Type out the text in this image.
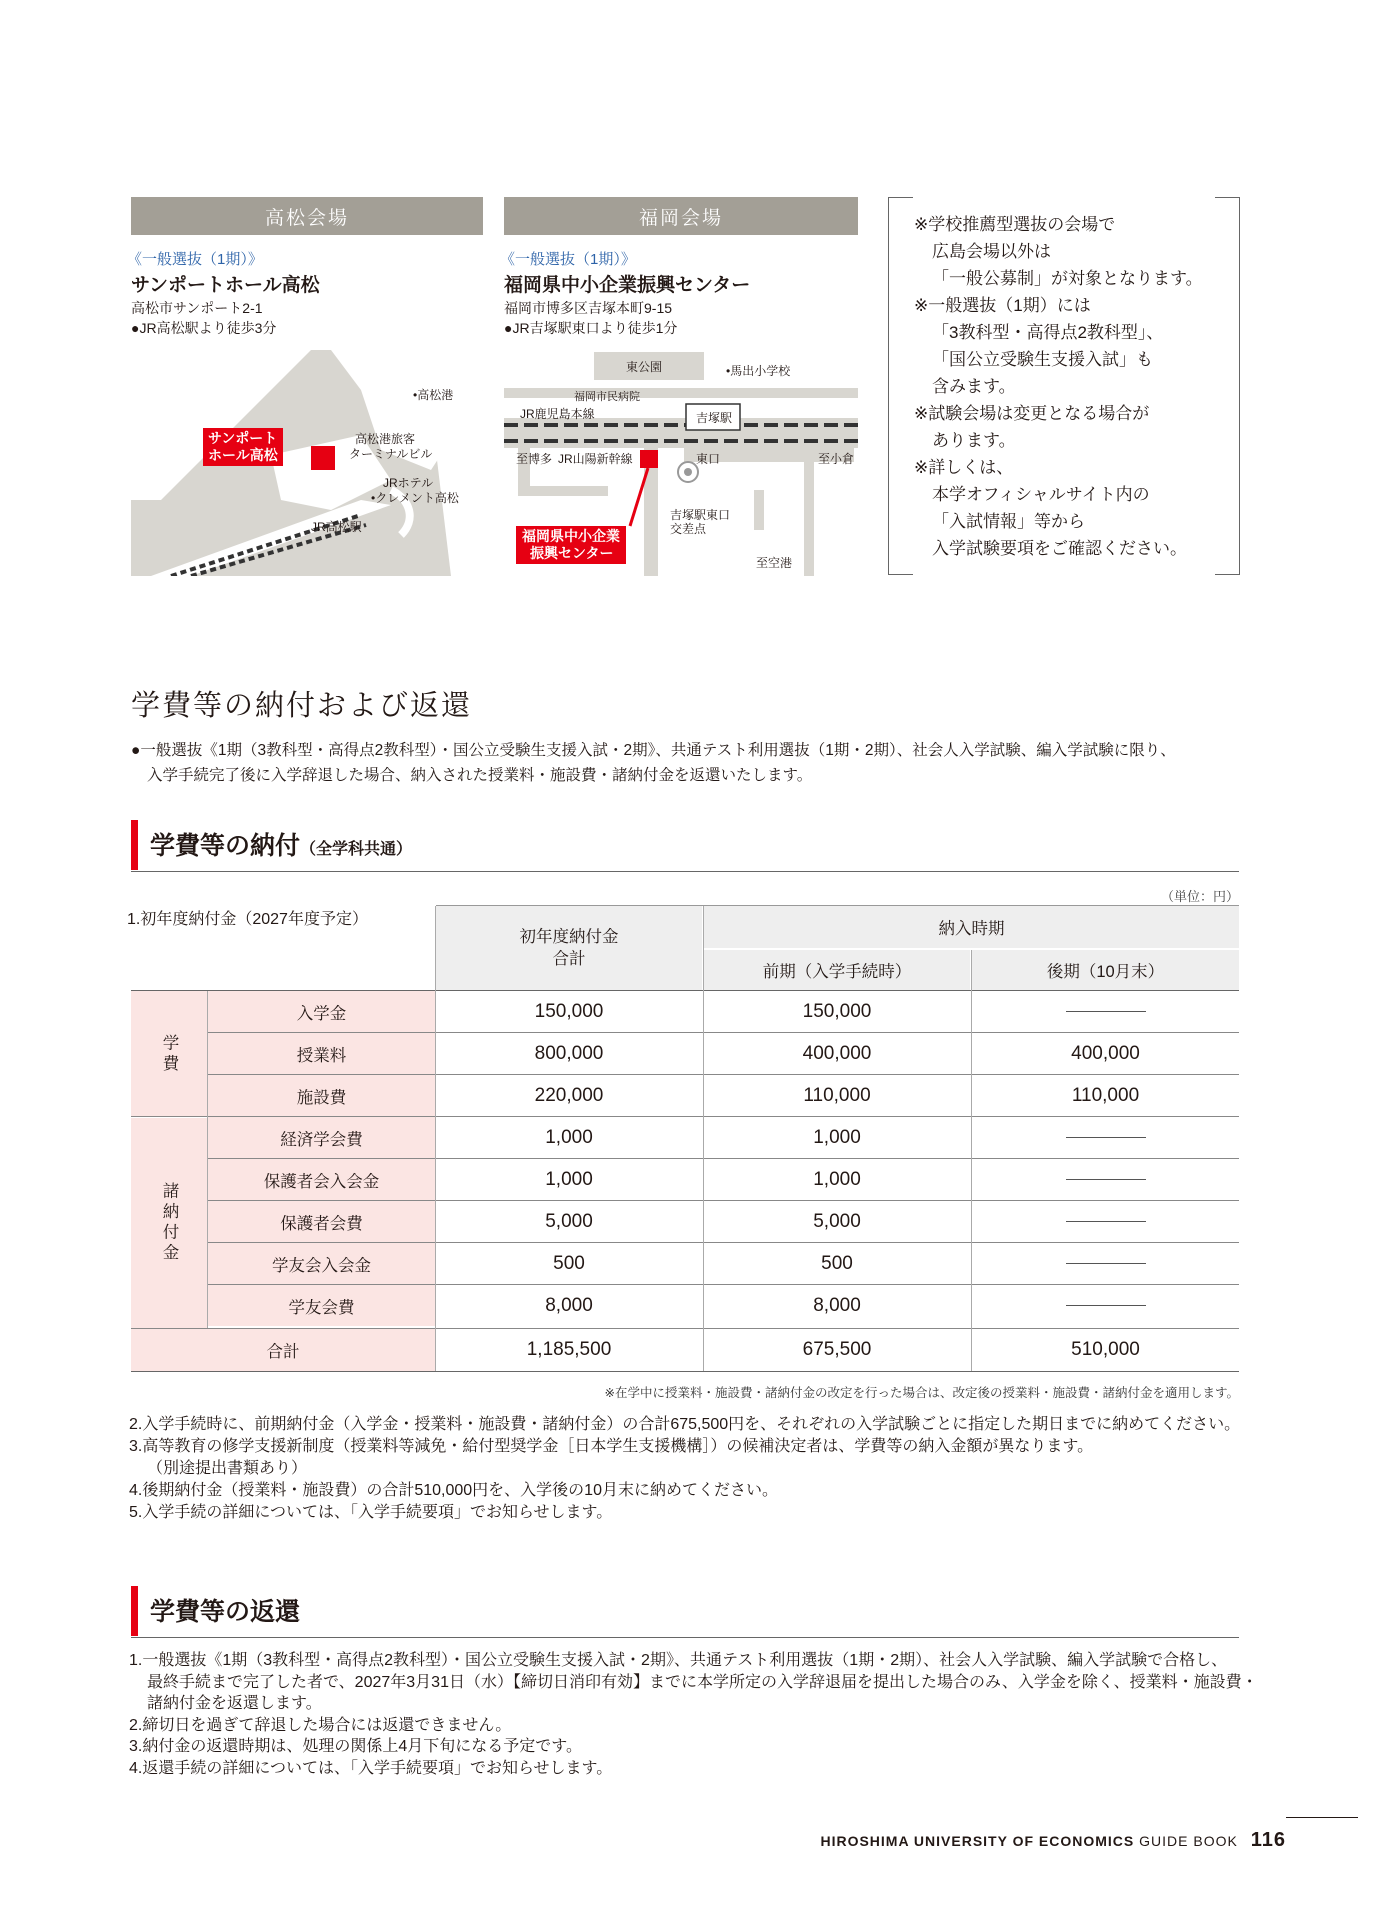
高松会場
《一般選抜（1期）》
サンポートホール高松
高松市サンポート2-1
●JR高松駅より徒歩3分
サンポート
ホール高松
•高松港
高松港旅客
ターミナルビル
JRホテル
•クレメント高松
JR高松駅
福岡会場
《一般選抜（1期）》
福岡県中小企業振興センター
福岡市博多区吉塚本町9-15
●JR吉塚駅東口より徒歩1分
東公園	•馬出小学校
福岡市民病院
JR鹿児島本線	吉塚駅
至博多 JR山陽新幹線	東口	至小倉
吉塚駅東口
交差点
福岡県中小企業
振興センター
至空港
※学校推薦型選抜の会場で
広島会場以外は
「一般公募制」が対象となります。
※一般選抜（1期）には
「3教科型・高得点2教科型」、
「国公立受験生支援入試」も
含みます。
※試験会場は変更となる場合が
あります。
※詳しくは、
本学オフィシャルサイト内の
「入試情報」等から
入学試験要項をご確認ください。
学費等の納付および返還
●一般選抜《1期（3教科型・高得点2教科型）・国公立受験生支援入試・2期》、共通テスト利用選抜（1期・2期）、社会人入学試験、編入学試験に限り、
入学手続完了後に入学辞退した場合、納入された授業料・施設費・諸納付金を返還いたします。
学費等の納付（全学科共通）
（単位：円）
1.初年度納付金（2027年度予定）
初年度納付金
合計
納入時期
前期（入学手続時）	後期（10月末）
学費
諸納付金
入学金	150,000	150,000
授業料	800,000	400,000	400,000
施設費	220,000	110,000	110,000
経済学会費	1,000	1,000
保護者会入会金	1,000	1,000
保護者会費	5,000	5,000
学友会入会金	500	500
学友会費	8,000	8,000
合計	1,185,500	675,500	510,000
※在学中に授業料・施設費・諸納付金の改定を行った場合は、改定後の授業料・施設費・諸納付金を適用します。
2.入学手続時に、前期納付金（入学金・授業料・施設費・諸納付金）の合計675,500円を、それぞれの入学試験ごとに指定した期日までに納めてください。
3.高等教育の修学支援新制度（授業料等減免・給付型奨学金［日本学生支援機構］）の候補決定者は、学費等の納入金額が異なります。
（別途提出書類あり）
4.後期納付金（授業料・施設費）の合計510,000円を、入学後の10月末に納めてください。
5.入学手続の詳細については、「入学手続要項」でお知らせします。
学費等の返還
1.一般選抜《1期（3教科型・高得点2教科型）・国公立受験生支援入試・2期》、共通テスト利用選抜（1期・2期）、社会人入学試験、編入学試験で合格し、
最終手続まで完了した者で、2027年3月31日（水）【締切日消印有効】までに本学所定の入学辞退届を提出した場合のみ、入学金を除く、授業料・施設費・
諸納付金を返還します。
2.締切日を過ぎて辞退した場合には返還できません。
3.納付金の返還時期は、処理の関係上4月下旬になる予定です。
4.返還手続の詳細については、「入学手続要項」でお知らせします。
HIROSHIMA UNIVERSITY OF ECONOMICS GUIDE BOOK 116
